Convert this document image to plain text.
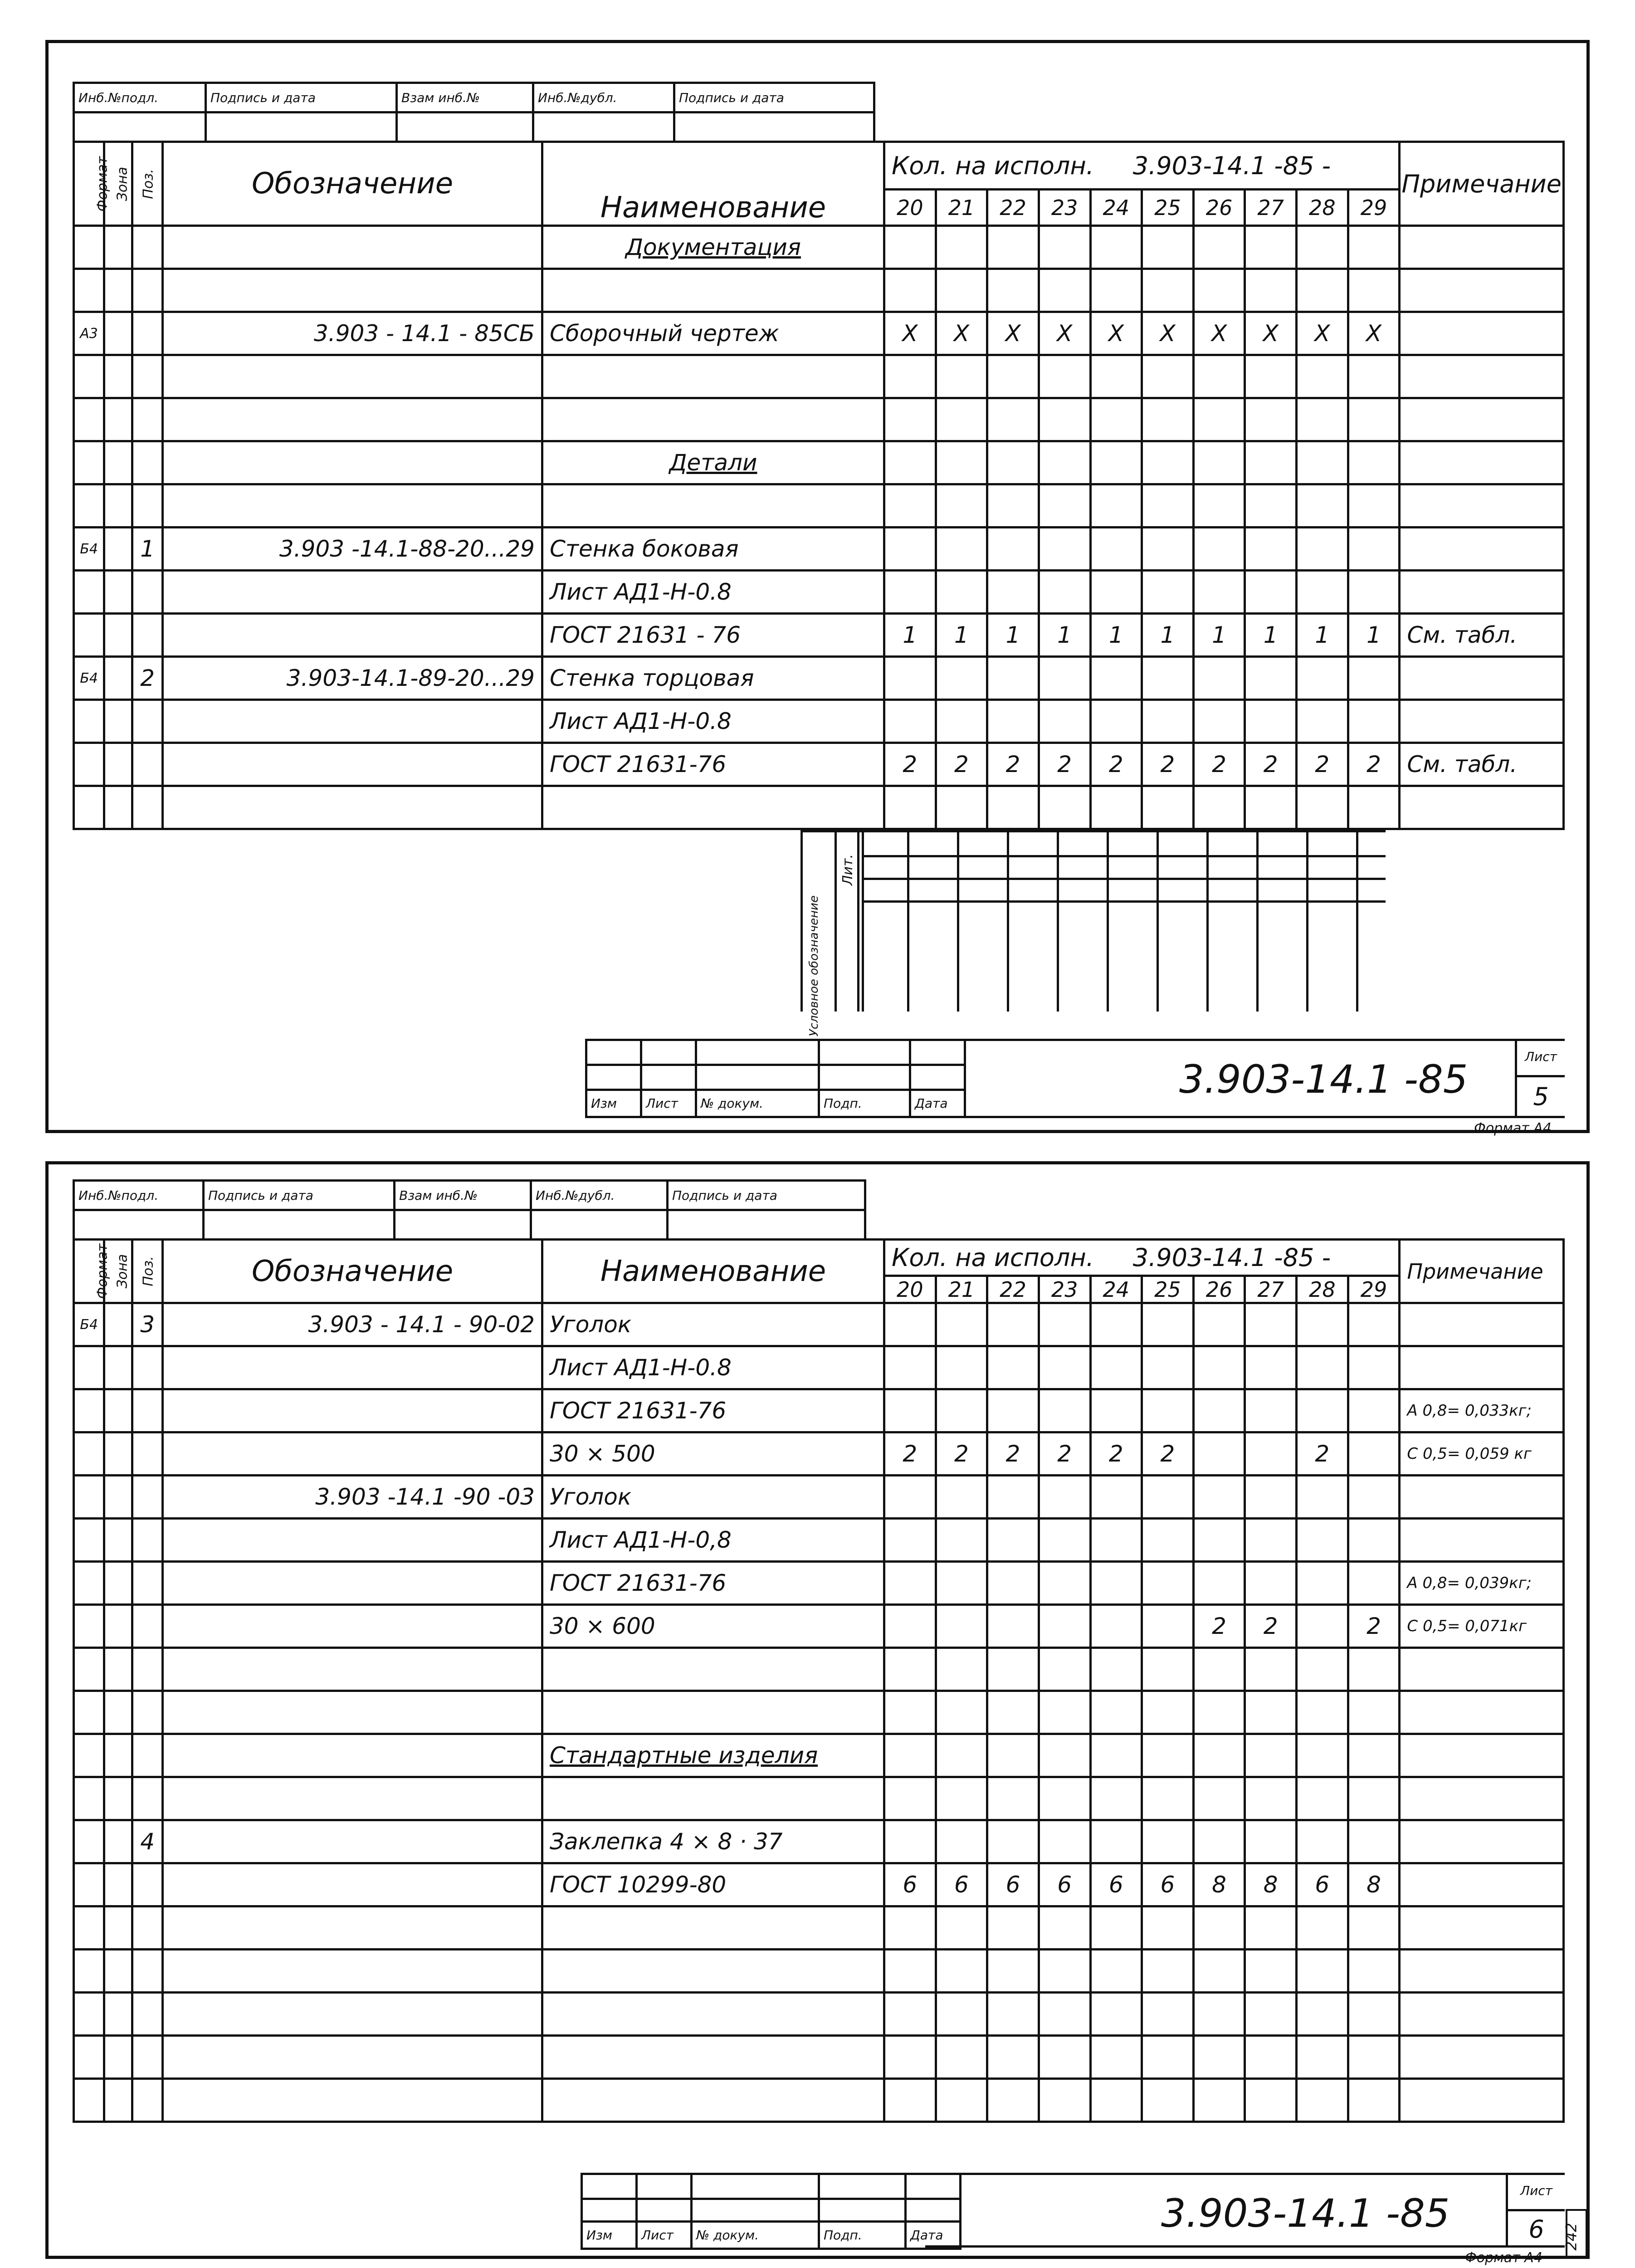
Инб.№подл.	Подпись и дата	Взам инб.№	Инб.№дубл.	Подпись и дата

Формат	Зона	Поз.	Обозначение	Наименование	Кол. на исполн. 3.903-14.1 -85 -										Примечание
					20	21	22	23	24	25	26	27	28	29	
				Документация											

А3			3.903 - 14.1 - 85СБ	Сборочный чертеж	X	X	X	X	X	X	X	X	X	X	

				Детали											

Б4		1	3.903 -14.1-88-20...29	Стенка боковая											
				Лист АД1-Н-0.8											
				ГОСТ 21631 - 76	1	1	1	1	1	1	1	1	1	1	См. табл.
Б4		2	3.903-14.1-89-20...29	Стенка торцовая											
				Лист АД1-Н-0.8											
				ГОСТ 21631-76	2	2	2	2	2	2	2	2	2	2	См. табл.

Условное обозначение
Лит.

Изм	Лист	№ докум.	Подп.	Дата
3.903-14.1 -85
Лист
5
Формат А4
Инб.№подл.	Подпись и дата	Взам инб.№	Инб.№дубл.	Подпись и дата

Формат	Зона	Поз.	Обозначение	Наименование	Кол. на исполн. 3.903-14.1 -85 -										Примечание
					20	21	22	23	24	25	26	27	28	29	
Б4		3	3.903 - 14.1 - 90-02	Уголок											
				Лист АД1-Н-0.8											
				ГОСТ 21631-76											А 0,8= 0,033кг;
				30 × 500	2	2	2	2	2	2			2		С 0,5= 0,059 кг
			3.903 -14.1 -90 -03	Уголок											
				Лист АД1-Н-0,8											
				ГОСТ 21631-76											А 0,8= 0,039кг;
				30 × 600							2	2		2	С 0,5= 0,071кг

				Стандартные изделия											

		4		Заклепка 4 × 8 · 37											
				ГОСТ 10299-80	6	6	6	6	6	6	8	8	6	8	

Изм	Лист	№ докум.	Подп.	Дата	3.903-14.1 -85
Лист
6
Формат А4
242
